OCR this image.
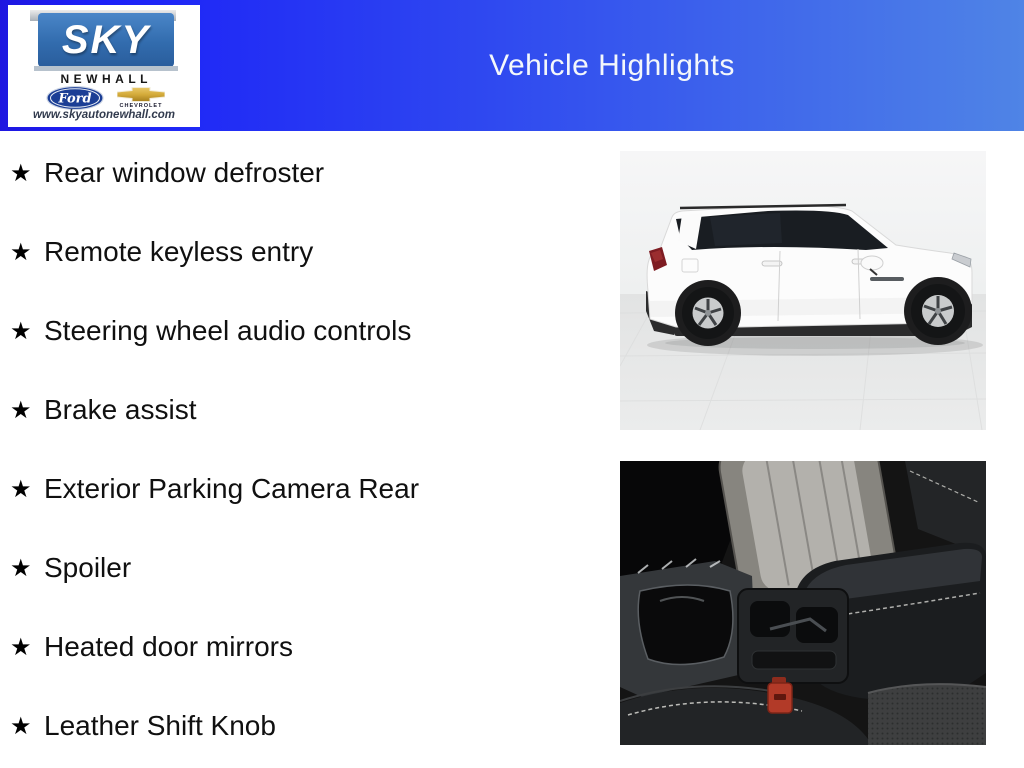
Vehicle Highlights
SKY
NEWHALL
Ford	CHEVROLET
www.skyautonewhall.com
★ Rear window defroster
★ Remote keyless entry
★ Steering wheel audio controls
★ Brake assist
★ Exterior Parking Camera Rear
★ Spoiler
★ Heated door mirrors
★ Leather Shift Knob
